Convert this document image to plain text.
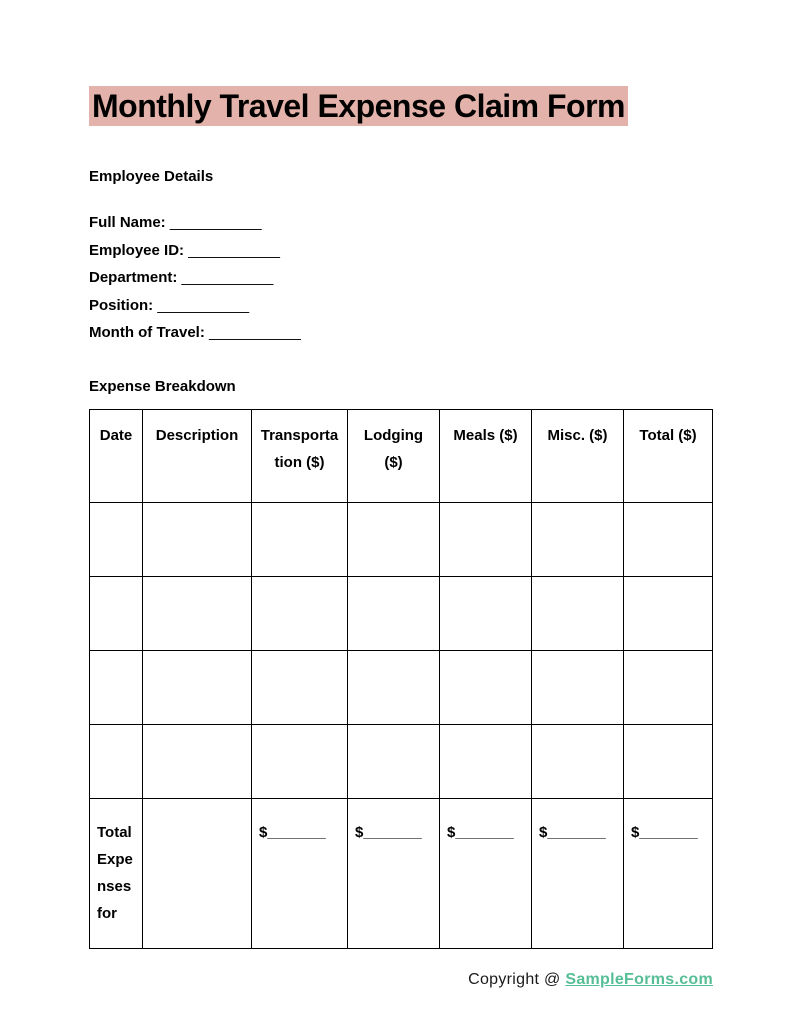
Monthly Travel Expense Claim Form
Employee Details
Full Name: ___________
Employee ID: ___________
Department: ___________
Position: ___________
Month of Travel: ___________
Expense Breakdown
Date	Description	Transportation ($)	Lodging ($)	Meals ($)	Misc. ($)	Total ($)

Total Expenses for		$_______	$_______	$_______	$_______	$_______
Copyright @ SampleForms.com
